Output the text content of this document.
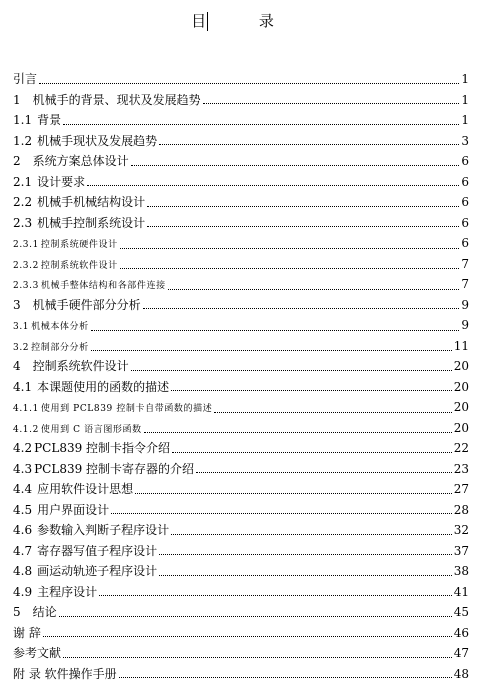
目 录
引言	1
1 机械手的背景、现状及发展趋势	1
1.1 背景	1
1.2 机械手现状及发展趋势	3
2 系统方案总体设计	6
2.1 设计要求	6
2.2 机械手机械结构设计	6
2.3 机械手控制系统设计	6
2.3.1 控制系统硬件设计	6
2.3.2 控制系统软件设计	7
2.3.3 机械手整体结构和各部件连接	7
3 机械手硬件部分分析	9
3.1 机械本体分析	9
3.2 控制部分分析	11
4 控制系统软件设计	20
4.1 本课题使用的函数的描述	20
4.1.1 使用到 PCL839 控制卡自带函数的描述	20
4.1.2 使用到 C 语言图形函数	20
4.2 PCL839 控制卡指令介绍	22
4.3 PCL839 控制卡寄存器的介绍	23
4.4 应用软件设计思想	27
4.5 用户界面设计	28
4.6 参数输入判断子程序设计	32
4.7 寄存器写值子程序设计	37
4.8 画运动轨迹子程序设计	38
4.9 主程序设计	41
5 结论	45
谢 辞	46
参考文献	47
附 录 软件操作手册	48
